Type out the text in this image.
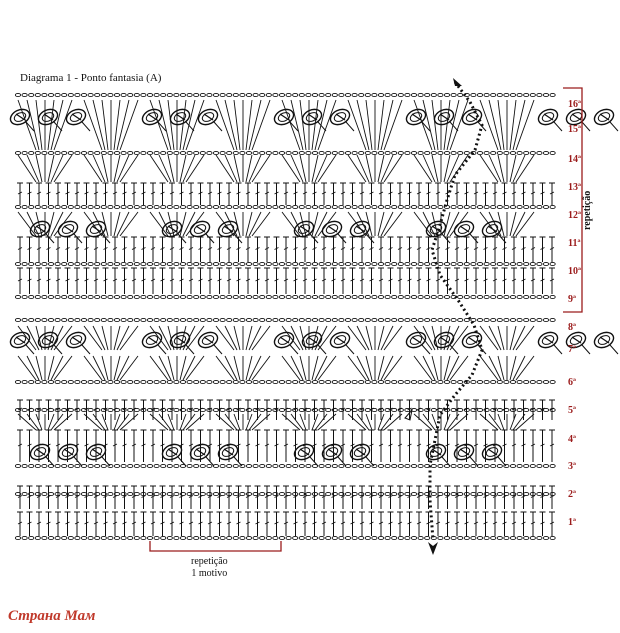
Diagrama 1 - Ponto fantasia (A)
16ª
15ª
14ª
13ª
12ª
11ª
10ª
9ª
8ª
7ª
6ª
5ª
4ª
3ª
2ª
1ª
repetição
repetição
1 motivo
Страна Мам
